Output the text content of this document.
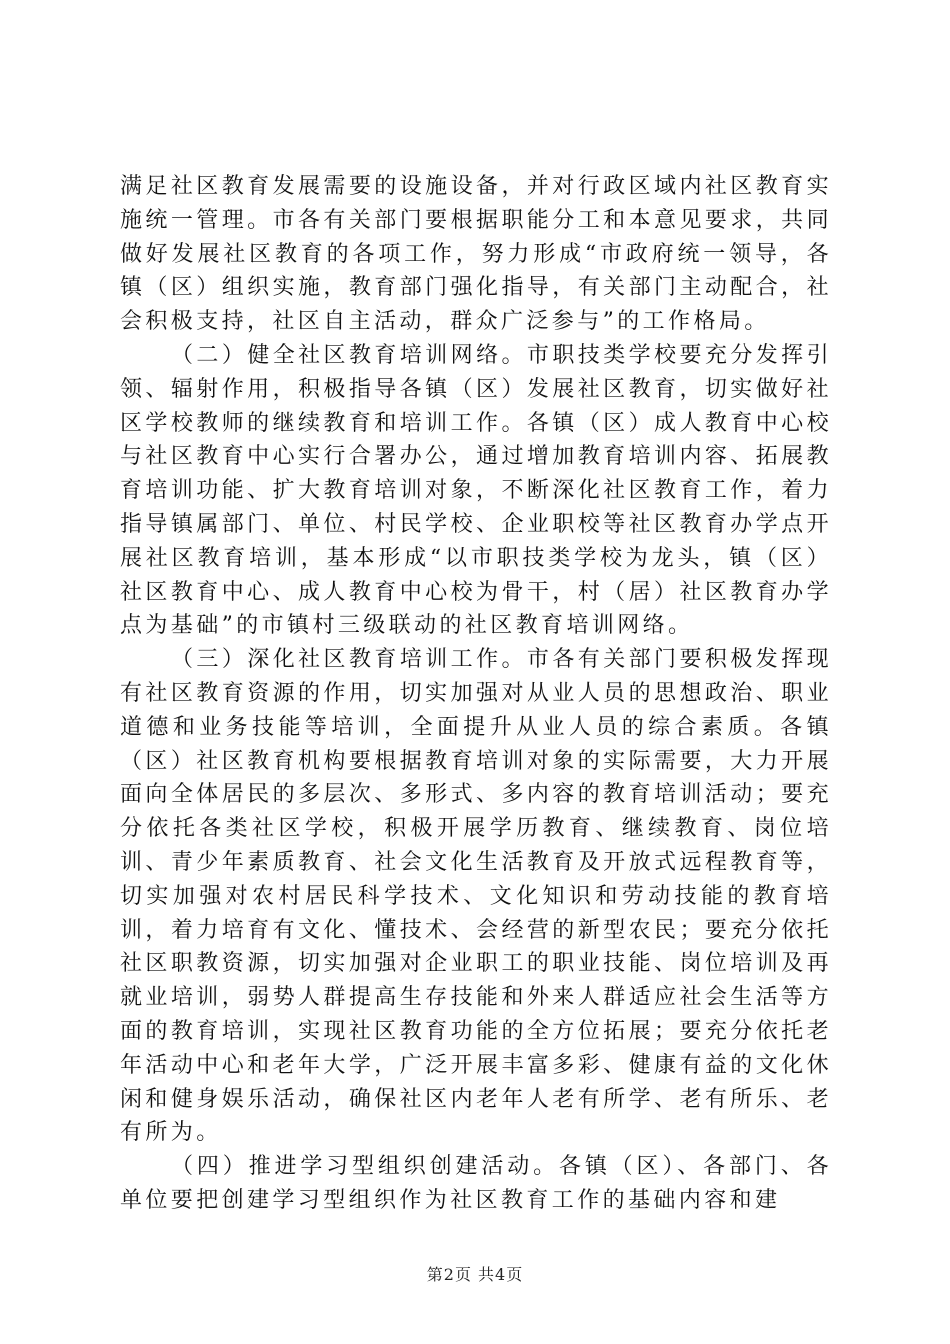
满足社区教育发展需要的设施设备，并对行政区域内社区教育实施统一管理。市各有关部门要根据职能分工和本意见要求，共同做好发展社区教育的各项工作，努力形成“市政府统一领导，各镇（区）组织实施，教育部门强化指导，有关部门主动配合，社会积极支持，社区自主活动，群众广泛参与”的工作格局。

（二）健全社区教育培训网络。市职技类学校要充分发挥引领、辐射作用，积极指导各镇（区）发展社区教育，切实做好社区学校教师的继续教育和培训工作。各镇（区）成人教育中心校与社区教育中心实行合署办公，通过增加教育培训内容、拓展教育培训功能、扩大教育培训对象，不断深化社区教育工作，着力指导镇属部门、单位、村民学校、企业职校等社区教育办学点开展社区教育培训，基本形成“以市职技类学校为龙头，镇（区）社区教育中心、成人教育中心校为骨干，村（居）社区教育办学点为基础”的市镇村三级联动的社区教育培训网络。

（三）深化社区教育培训工作。市各有关部门要积极发挥现有社区教育资源的作用，切实加强对从业人员的思想政治、职业道德和业务技能等培训，全面提升从业人员的综合素质。各镇（区）社区教育机构要根据教育培训对象的实际需要，大力开展面向全体居民的多层次、多形式、多内容的教育培训活动；要充分依托各类社区学校，积极开展学历教育、继续教育、岗位培训、青少年素质教育、社会文化生活教育及开放式远程教育等，切实加强对农村居民科学技术、文化知识和劳动技能的教育培训，着力培育有文化、懂技术、会经营的新型农民；要充分依托社区职教资源，切实加强对企业职工的职业技能、岗位培训及再就业培训，弱势人群提高生存技能和外来人群适应社会生活等方面的教育培训，实现社区教育功能的全方位拓展；要充分依托老年活动中心和老年大学，广泛开展丰富多彩、健康有益的文化休闲和健身娱乐活动，确保社区内老年人老有所学、老有所乐、老有所为。

（四）推进学习型组织创建活动。各镇（区）、各部门、各单位要把创建学习型组织作为社区教育工作的基础内容和建

第2页 共4页
